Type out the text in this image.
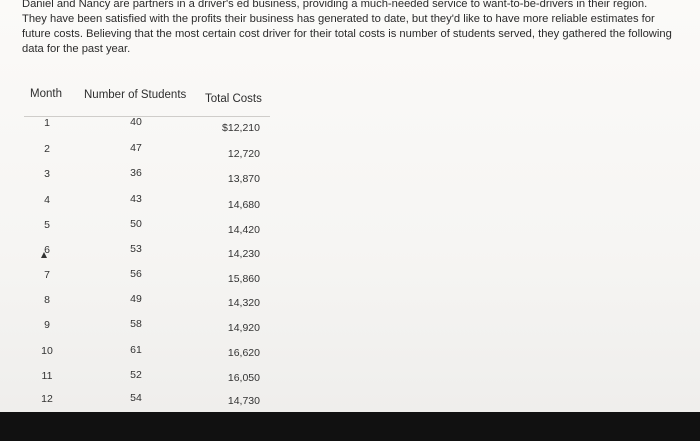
Daniel and Nancy are partners in a driver's ed business, providing a much-needed service to want-to-be-drivers in their region. They have been satisfied with the profits their business has generated to date, but they'd like to have more reliable estimates for future costs. Believing that the most certain cost driver for their total costs is number of students served, they gathered the following data for the past year.

Month Number of Students Total Costs
1	40	$12,210
2	47	12,720
3	36	13,870
4	43	14,680
5	50	14,420
6	53	14,230
7	56	15,860
8	49	14,320
9	58	14,920
10	61	16,620
11	52	16,050
12	54	14,730
